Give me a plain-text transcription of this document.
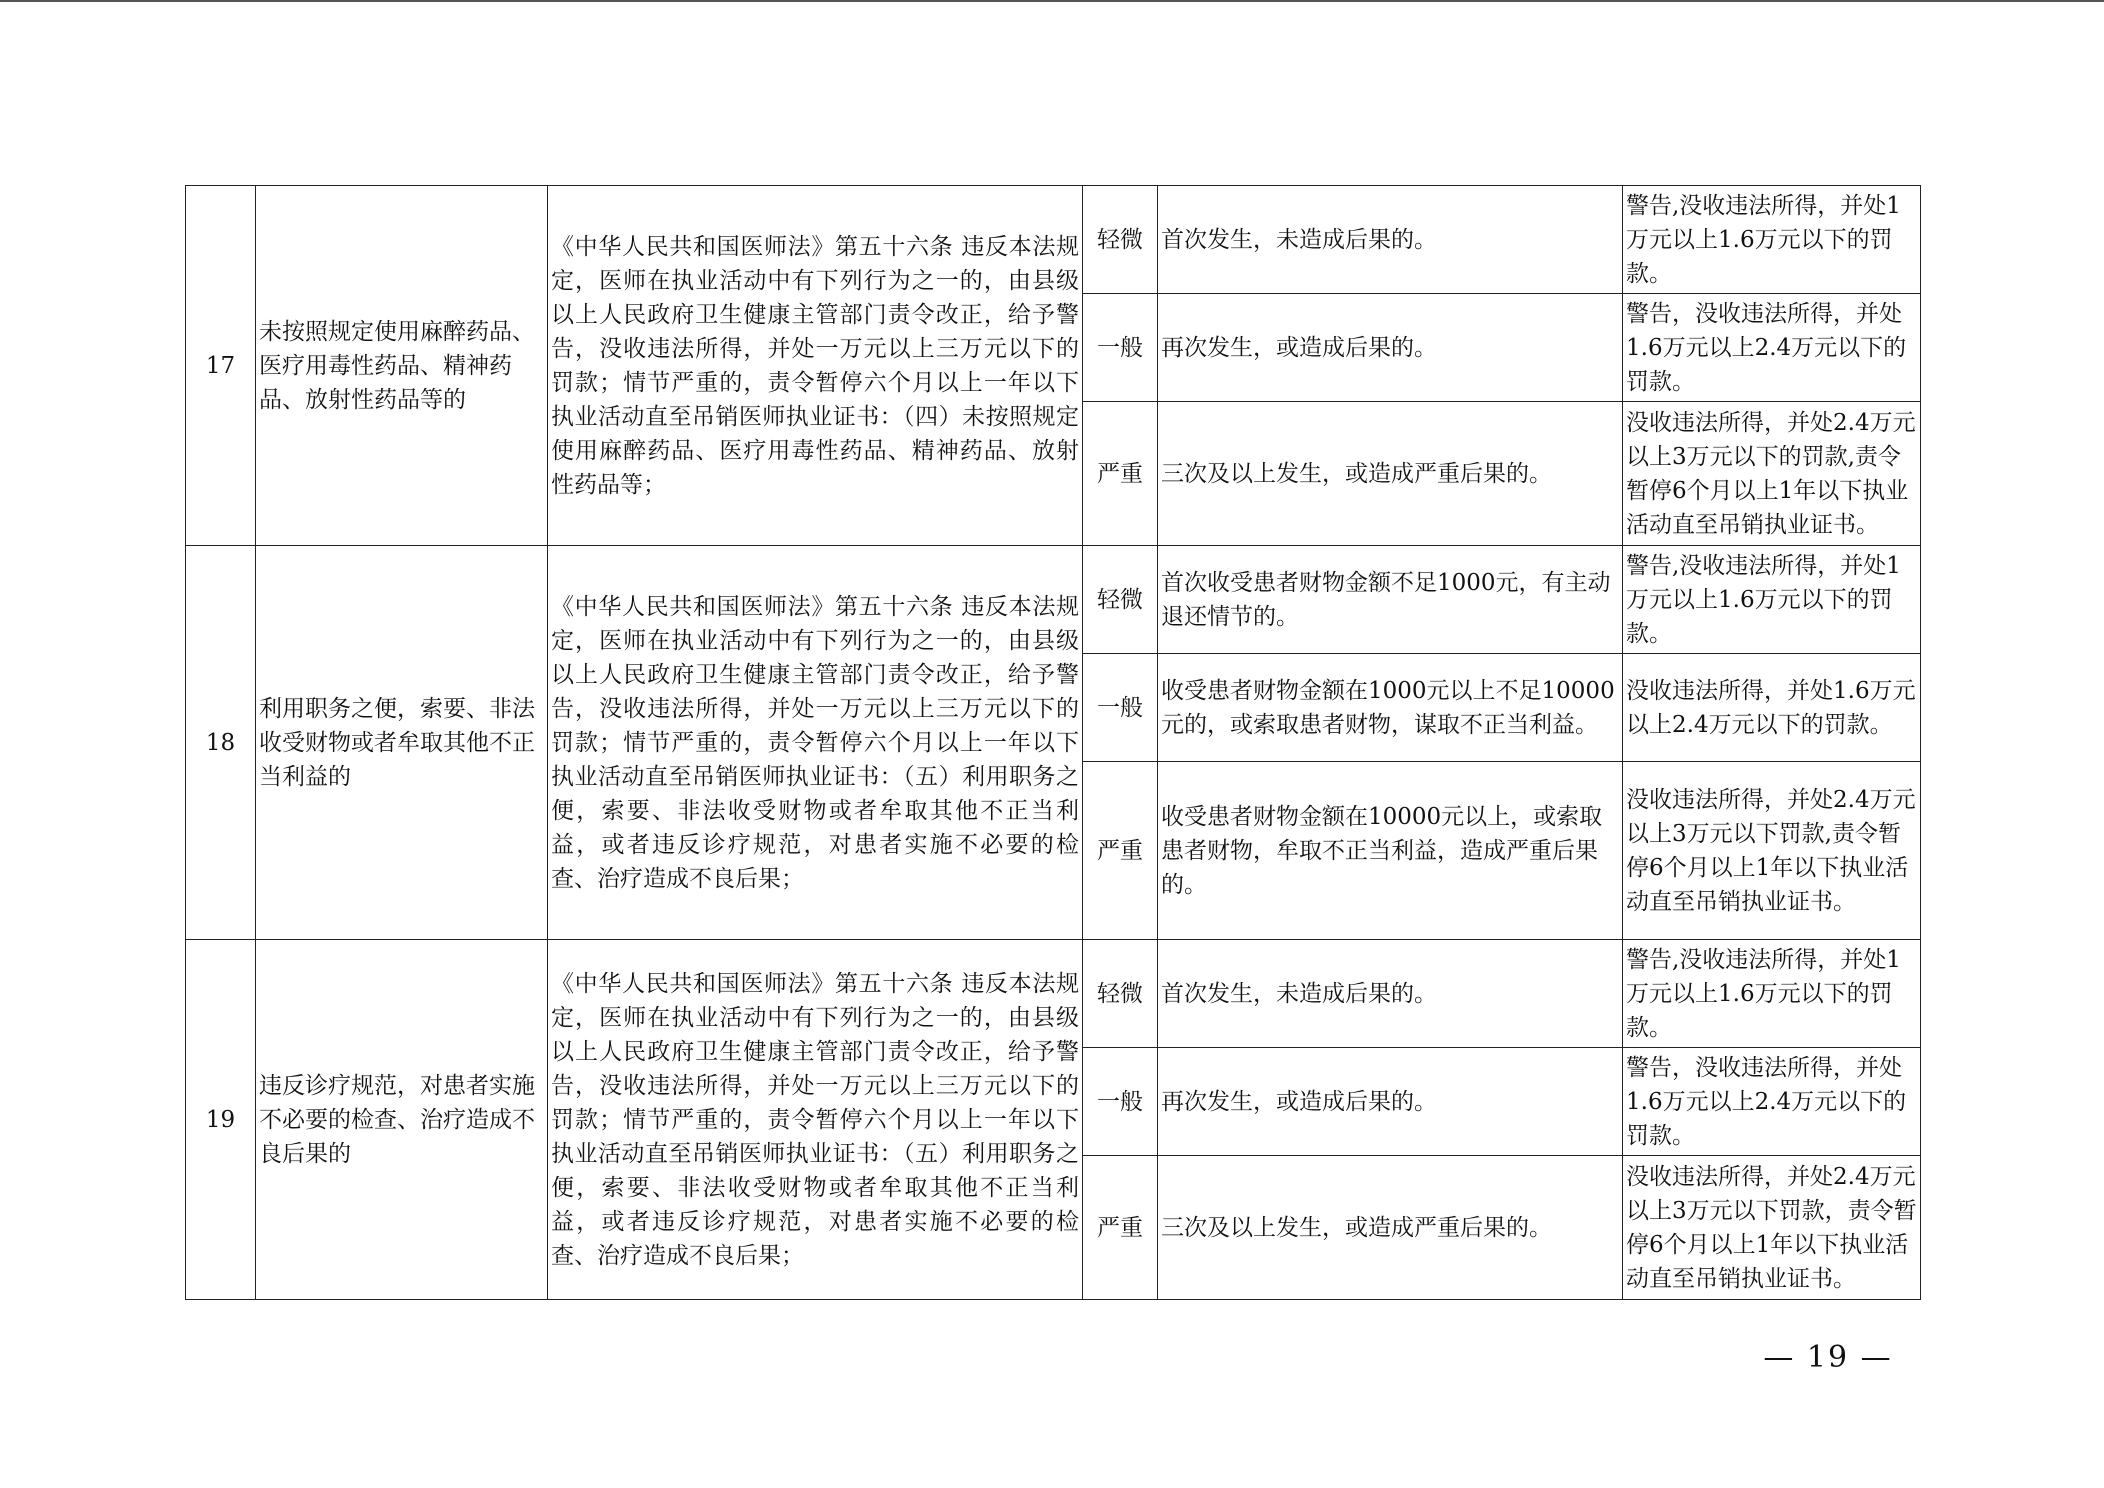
17	未按照规定使用麻醉药品、医疗用毒性药品、精神药品、放射性药品等的	《中华人民共和国医师法》第五十六条 违反本法规定，医师在执业活动中有下列行为之一的，由县级以上人民政府卫生健康主管部门责令改正，给予警告，没收违法所得，并处一万元以上三万元以下的罚款；情节严重的，责令暂停六个月以上一年以下执业活动直至吊销医师执业证书：（四）未按照规定使用麻醉药品、医疗用毒性药品、精神药品、放射性药品等；	轻微	首次发生，未造成后果的。	警告,没收违法所得，并处1万元以上1.6万元以下的罚款。
			一般	再次发生，或造成后果的。	警告，没收违法所得，并处1.6万元以上2.4万元以下的罚款。
			严重	三次及以上发生，或造成严重后果的。	没收违法所得，并处2.4万元以上3万元以下的罚款,责令暂停6个月以上1年以下执业活动直至吊销执业证书。
18	利用职务之便，索要、非法收受财物或者牟取其他不正当利益的	《中华人民共和国医师法》第五十六条 违反本法规定，医师在执业活动中有下列行为之一的，由县级以上人民政府卫生健康主管部门责令改正，给予警告，没收违法所得，并处一万元以上三万元以下的罚款；情节严重的，责令暂停六个月以上一年以下执业活动直至吊销医师执业证书：（五）利用职务之便，索要、非法收受财物或者牟取其他不正当利益，或者违反诊疗规范，对患者实施不必要的检查、治疗造成不良后果；	轻微	首次收受患者财物金额不足1000元，有主动退还情节的。	警告,没收违法所得，并处1万元以上1.6万元以下的罚款。
			一般	收受患者财物金额在1000元以上不足10000元的，或索取患者财物，谋取不正当利益。	没收违法所得，并处1.6万元以上2.4万元以下的罚款。
			严重	收受患者财物金额在10000元以上，或索取患者财物，牟取不正当利益，造成严重后果的。	没收违法所得，并处2.4万元以上3万元以下罚款,责令暂停6个月以上1年以下执业活动直至吊销执业证书。
19	违反诊疗规范，对患者实施不必要的检查、治疗造成不良后果的	《中华人民共和国医师法》第五十六条 违反本法规定，医师在执业活动中有下列行为之一的，由县级以上人民政府卫生健康主管部门责令改正，给予警告，没收违法所得，并处一万元以上三万元以下的罚款；情节严重的，责令暂停六个月以上一年以下执业活动直至吊销医师执业证书：（五）利用职务之便，索要、非法收受财物或者牟取其他不正当利益，或者违反诊疗规范，对患者实施不必要的检查、治疗造成不良后果；	轻微	首次发生，未造成后果的。	警告,没收违法所得，并处1万元以上1.6万元以下的罚款。
			一般	再次发生，或造成后果的。	警告，没收违法所得，并处1.6万元以上2.4万元以下的罚款。
			严重	三次及以上发生，或造成严重后果的。	没收违法所得，并处2.4万元以上3万元以下罚款，责令暂停6个月以上1年以下执业活动直至吊销执业证书。
— 19 —
